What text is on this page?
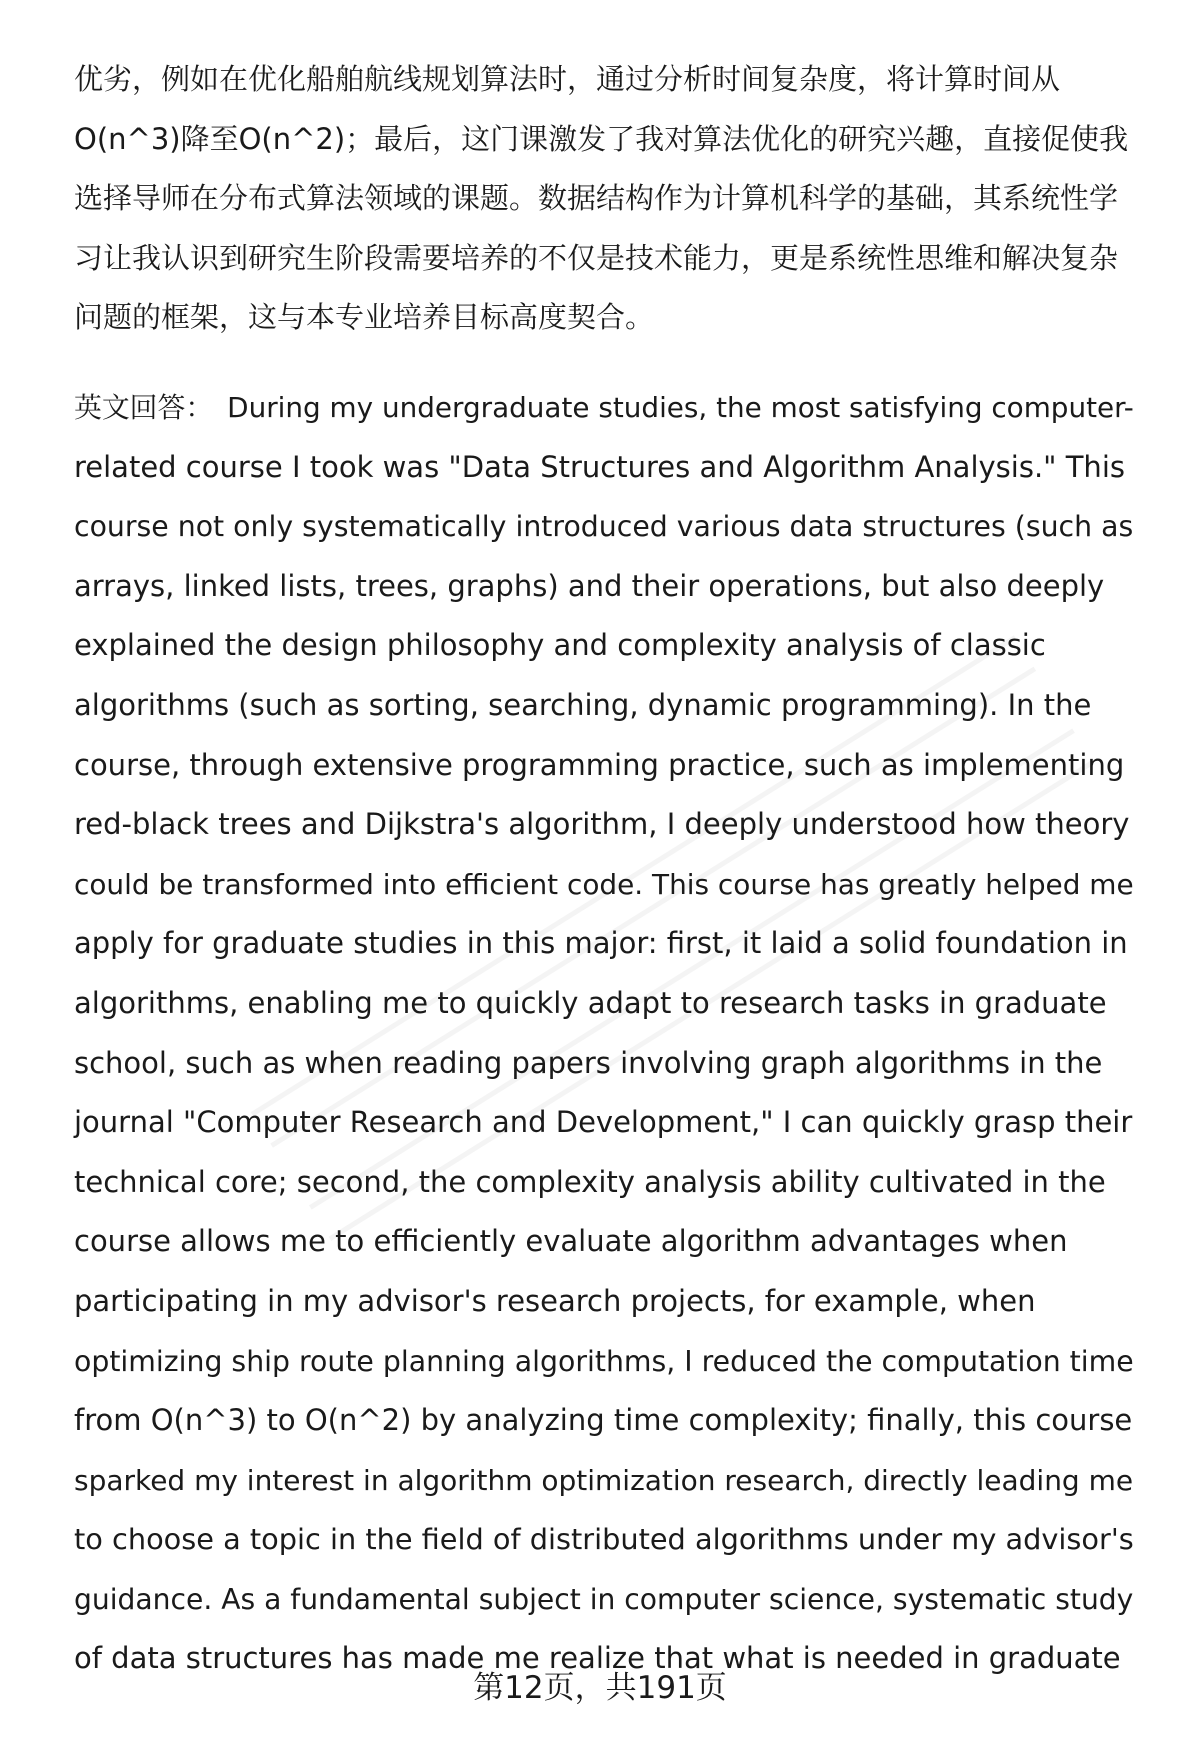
优劣，例如在优化船舶航线规划算法时，通过分析时间复杂度，将计算时间从
O(n^3)降至O(n^2)；最后，这门课激发了我对算法优化的研究兴趣，直接促使我
选择导师在分布式算法领域的课题。数据结构作为计算机科学的基础，其系统性学
习让我认识到研究生阶段需要培养的不仅是技术能力，更是系统性思维和解决复杂
问题的框架，这与本专业培养目标高度契合。
英文回答： During my undergraduate studies, the most satisfying computer-
related course I took was "Data Structures and Algorithm Analysis." This
course not only systematically introduced various data structures (such as
arrays, linked lists, trees, graphs) and their operations, but also deeply
explained the design philosophy and complexity analysis of classic
algorithms (such as sorting, searching, dynamic programming). In the
course, through extensive programming practice, such as implementing
red-black trees and Dijkstra's algorithm, I deeply understood how theory
could be transformed into efficient code. This course has greatly helped me
apply for graduate studies in this major: first, it laid a solid foundation in
algorithms, enabling me to quickly adapt to research tasks in graduate
school, such as when reading papers involving graph algorithms in the
journal "Computer Research and Development," I can quickly grasp their
technical core; second, the complexity analysis ability cultivated in the
course allows me to efficiently evaluate algorithm advantages when
participating in my advisor's research projects, for example, when
optimizing ship route planning algorithms, I reduced the computation time
from O(n^3) to O(n^2) by analyzing time complexity; finally, this course
sparked my interest in algorithm optimization research, directly leading me
to choose a topic in the field of distributed algorithms under my advisor's
guidance. As a fundamental subject in computer science, systematic study
of data structures has made me realize that what is needed in graduate
第12页，共191页
